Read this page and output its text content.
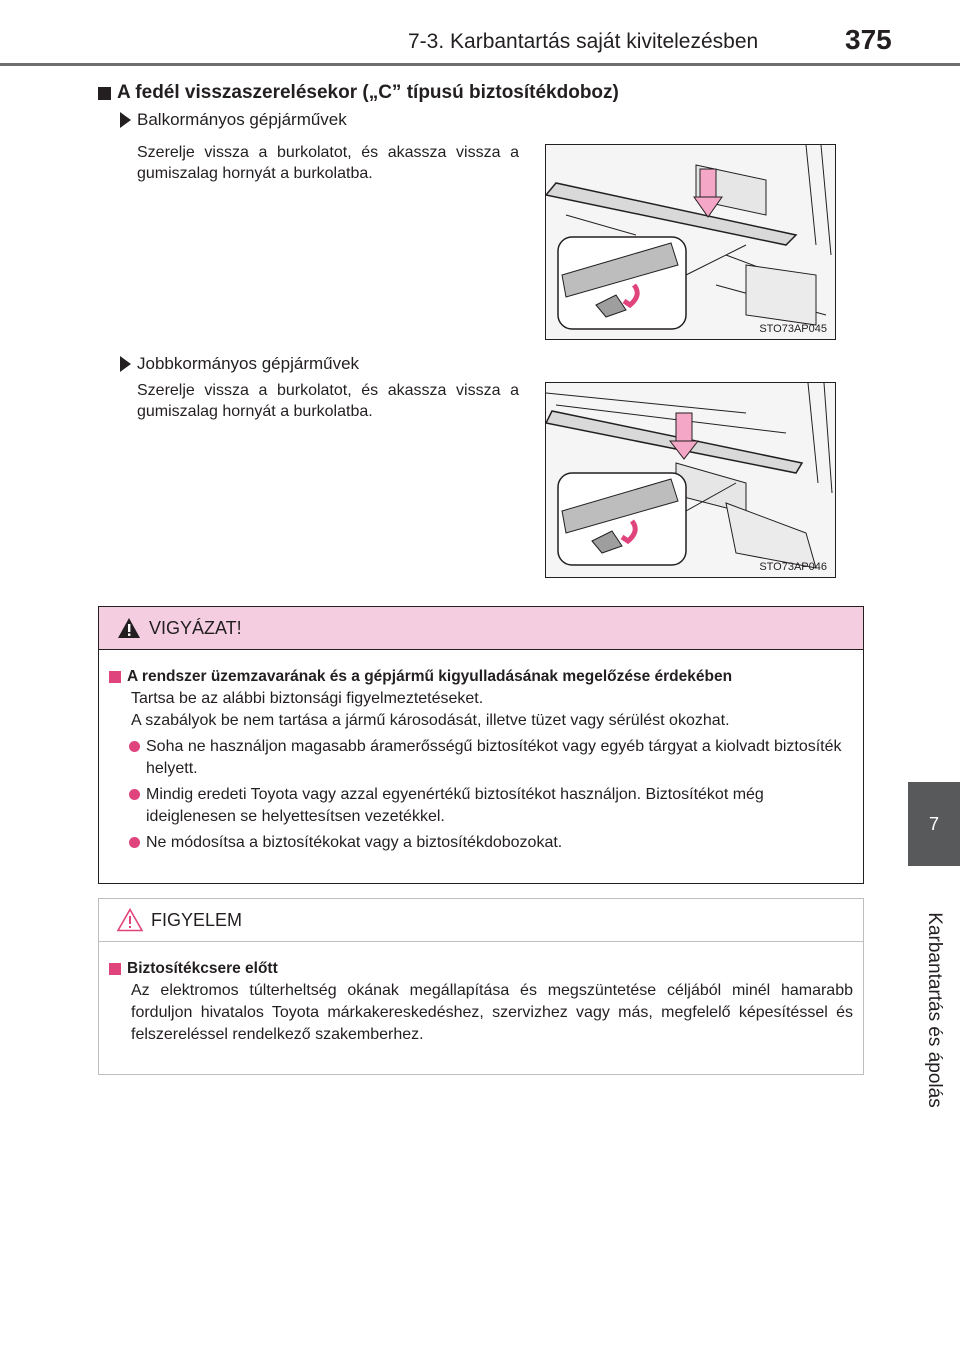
7-3. Karbantartás saját kivitelezésben	375
7
Karbantartás és ápolás
A fedél visszaszerelésekor („C” típusú biztosítékdoboz)
Balkormányos gépjárművek
Szerelje vissza a burkolatot, és akassza vissza a gumiszalag hornyát a burkolatba.
STO73AP045
Jobbkormányos gépjárművek
Szerelje vissza a burkolatot, és akassza vissza a gumiszalag hornyát a burkolatba.
STO73AP046
VIGYÁZAT!
A rendszer üzemzavarának és a gépjármű kigyulladásának megelőzése érdekében
Tartsa be az alábbi biztonsági figyelmeztetéseket.
A szabályok be nem tartása a jármű károsodását, illetve tüzet vagy sérülést okozhat.
Soha ne használjon magasabb áramerősségű biztosítékot vagy egyéb tárgyat a kiolvadt biztosíték helyett.
Mindig eredeti Toyota vagy azzal egyenértékű biztosítékot használjon. Biztosítékot még ideiglenesen se helyettesítsen vezetékkel.
Ne módosítsa a biztosítékokat vagy a biztosítékdobozokat.
FIGYELEM
Biztosítékcsere előtt
Az elektromos túlterheltség okának megállapítása és megszüntetése céljából minél hamarabb forduljon hivatalos Toyota márkakereskedéshez, szervizhez vagy más, megfelelő képesítéssel és felszereléssel rendelkező szakemberhez.
